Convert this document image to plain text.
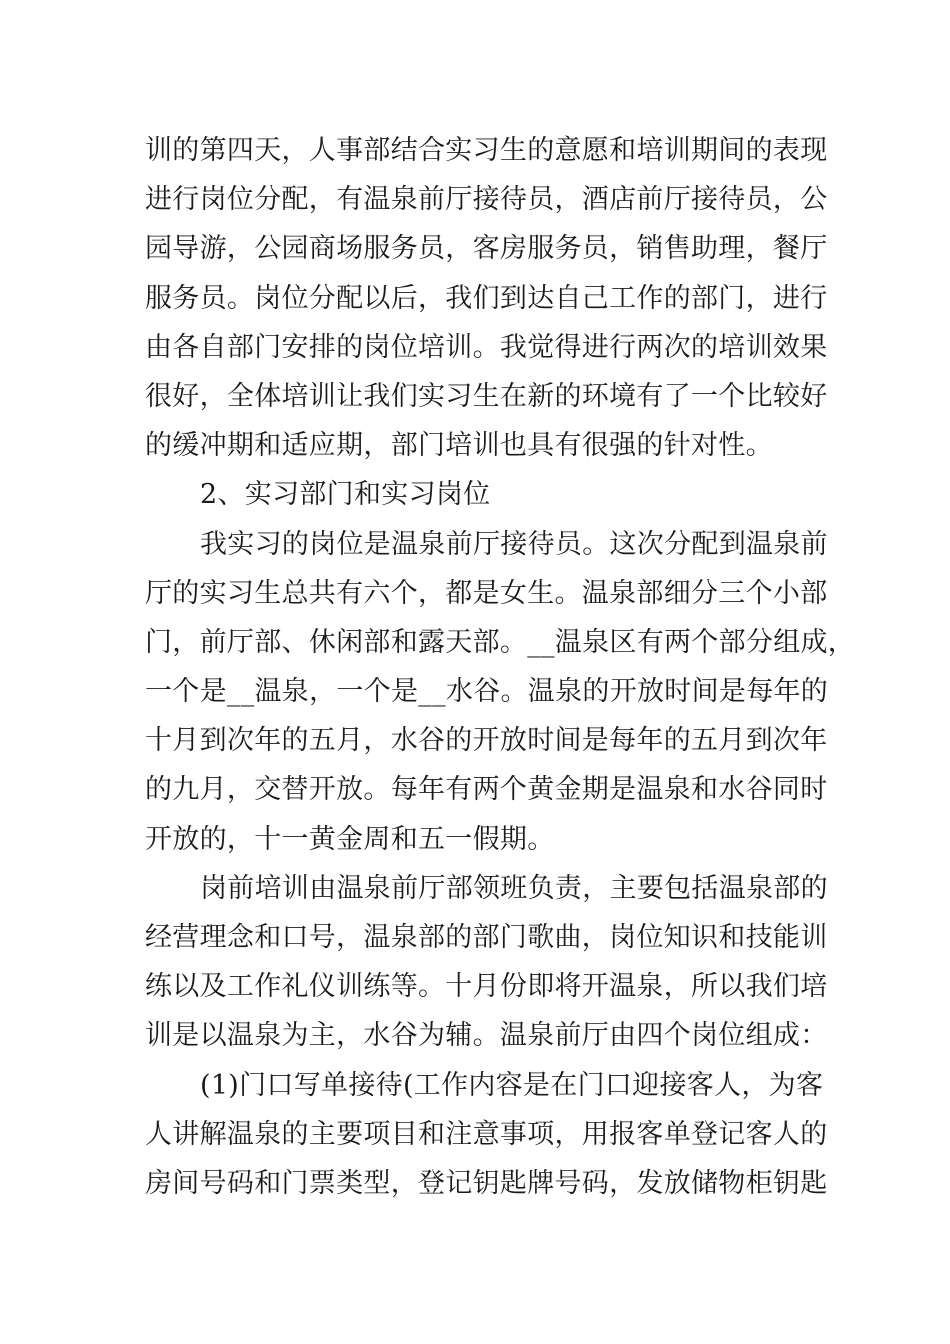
训的第四天，人事部结合实习生的意愿和培训期间的表现
进行岗位分配，有温泉前厅接待员，酒店前厅接待员，公
园导游，公园商场服务员，客房服务员，销售助理，餐厅
服务员。岗位分配以后，我们到达自己工作的部门，进行
由各自部门安排的岗位培训。我觉得进行两次的培训效果
很好，全体培训让我们实习生在新的环境有了一个比较好
的缓冲期和适应期，部门培训也具有很强的针对性。
2、实习部门和实习岗位
我实习的岗位是温泉前厅接待员。这次分配到温泉前
厅的实习生总共有六个，都是女生。温泉部细分三个小部
门，前厅部、休闲部和露天部。__温泉区有两个部分组成，
一个是__温泉，一个是__水谷。温泉的开放时间是每年的
十月到次年的五月，水谷的开放时间是每年的五月到次年
的九月，交替开放。每年有两个黄金期是温泉和水谷同时
开放的，十一黄金周和五一假期。
岗前培训由温泉前厅部领班负责，主要包括温泉部的
经营理念和口号，温泉部的部门歌曲，岗位知识和技能训
练以及工作礼仪训练等。十月份即将开温泉，所以我们培
训是以温泉为主，水谷为辅。温泉前厅由四个岗位组成：
(1)门口写单接待(工作内容是在门口迎接客人，为客
人讲解温泉的主要项目和注意事项，用报客单登记客人的
房间号码和门票类型，登记钥匙牌号码，发放储物柜钥匙
